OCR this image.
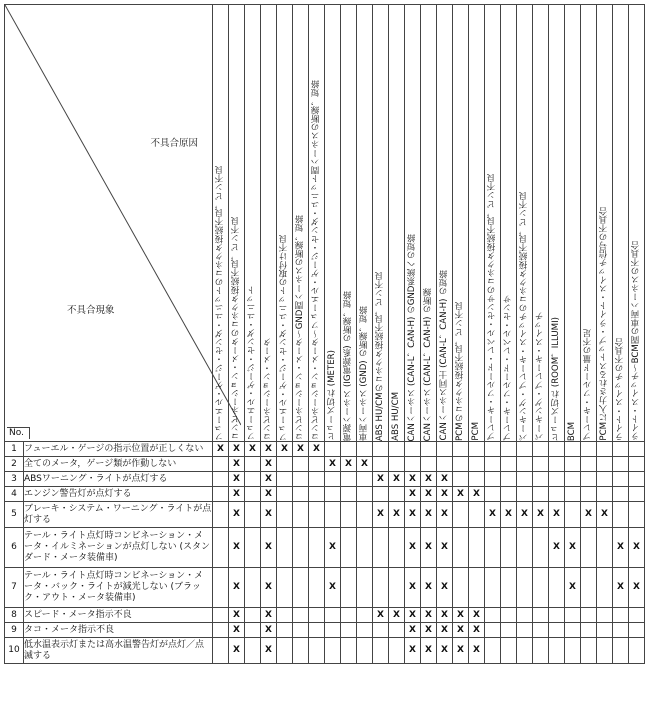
不具合原因
不具合現象
No.		フューエル・ゲージ・センダ・ユニットのコネクタ接続不良，ピン不良	コンビネーション・メータのコネクタ接続不良，ピン不良	フューエル・ゲージ・センダ・ユニット	コンビネーション・メータ	フューエル・ゲージ・センダ・ユニットの取付け不良	コンビネーション・メータ〜GND間ハーネスの断線，短絡	コンビネーション・メータ〜フューエル・ゲージ・センダ・ユニット間ハーネスの断線，短絡	ヒューズ切れ (METER)	電源ハーネス (IG電源系) の断線，短絡	車両ハーネス (GND) の断線，短絡	ABS HU/CMのコネクタ接続不良，ピン不良	ABS HU/CM	CANハーネス (CAN-L，CAN-H) のGND系統への短絡	CANハーネス (CAN-L，CAN-H) の断線	CANハーネス同士 (CAN-L，CAN-H) の短絡	PCMのコネクタ接続不良，ピン不良	PCM	ブレーキ・フルード・レベル・センサのコネクタ接続不良，ピン不良	ブレーキ・フルード・レベル・センサ	パーキング・ブレーキ・スイッチのコネクタ接続不良，ピン不良	パーキング・ブレーキ・スイッチ	ヒューズ切れ (ROOM，ILLUMI)	BCM	ブレーキ・フルード量の不足	PCMに入力されるストップ・ライト・スイッチ信号の不具合	ライト・スイッチの不具合	ライト・スイッチ〜BCM間の車両ハーネスの不具合

1	フューエル・ゲージの指示位置が正しくない	X	X	X	X	X	X	X																				
2	全てのメータ，ゲージ類が作動しない		X		X				X	X	X																	
3	ABSワーニング・ライトが点灯する		X		X							X	X	X	X	X												
4	エンジン警告灯が点灯する		X		X									X	X	X	X	X										
5	ブレーキ・システム・ワーニング・ライトが点灯する		X		X							X	X	X	X	X			X	X	X	X	X		X	X		
6	テール・ライト点灯時コンビネーション・メータ・イルミネーションが点灯しない (スタンダード・メータ装備車)		X		X				X					X	X	X							X	X			X	X
7	テール・ライト点灯時コンビネーション・メータ・バック・ライトが減光しない (ブラック・アウト・メータ装備車)		X		X				X					X	X	X								X			X	X
8	スピード・メータ指示不良		X		X							X	X	X	X	X	X	X										
9	タコ・メータ指示不良		X		X									X	X	X	X	X										
10	低水温表示灯または高水温警告灯が点灯／点滅する		X		X									X	X	X	X	X										
